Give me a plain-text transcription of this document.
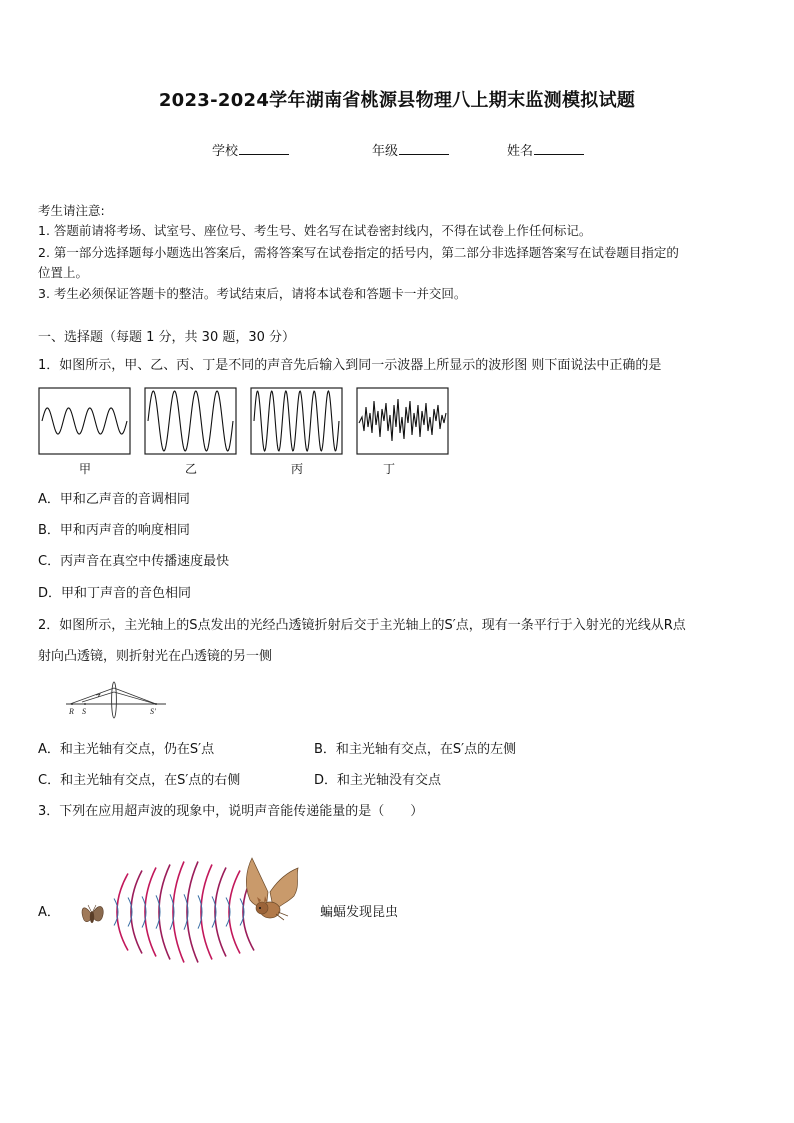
2023-2024学年湖南省桃源县物理八上期末监测模拟试题
学校	年级	姓名
考生请注意:
1. 答题前请将考场、试室号、座位号、考生号、姓名写在试卷密封线内，不得在试卷上作任何标记。
2. 第一部分选择题每小题选出答案后，需将答案写在试卷指定的括号内，第二部分非选择题答案写在试卷题目指定的
位置上。
3. 考生必须保证答题卡的整洁。考试结束后，请将本试卷和答题卡一并交回。
一、选择题（每题 1 分，共 30 题，30 分）
1．如图所示，甲、乙、丙、丁是不同的声音先后输入到同一示波器上所显示的波形图 则下面说法中正确的是
甲	乙	丙	丁
A．甲和乙声音的音调相同
B．甲和丙声音的响度相同
C．丙声音在真空中传播速度最快
D．甲和丁声音的音色相同
2．如图所示，主光轴上的S点发出的光经凸透镜折射后交于主光轴上的S′点，现有一条平行于入射光的光线从R点
射向凸透镜，则折射光在凸透镜的另一侧
R S	S′
A．和主光轴有交点，仍在S′点	B．和主光轴有交点，在S′点的左侧
C．和主光轴有交点，在S′点的右侧	D．和主光轴没有交点
3．下列在应用超声波的现象中，说明声音能传递能量的是（　　）
A．	蝙蝠发现昆虫
